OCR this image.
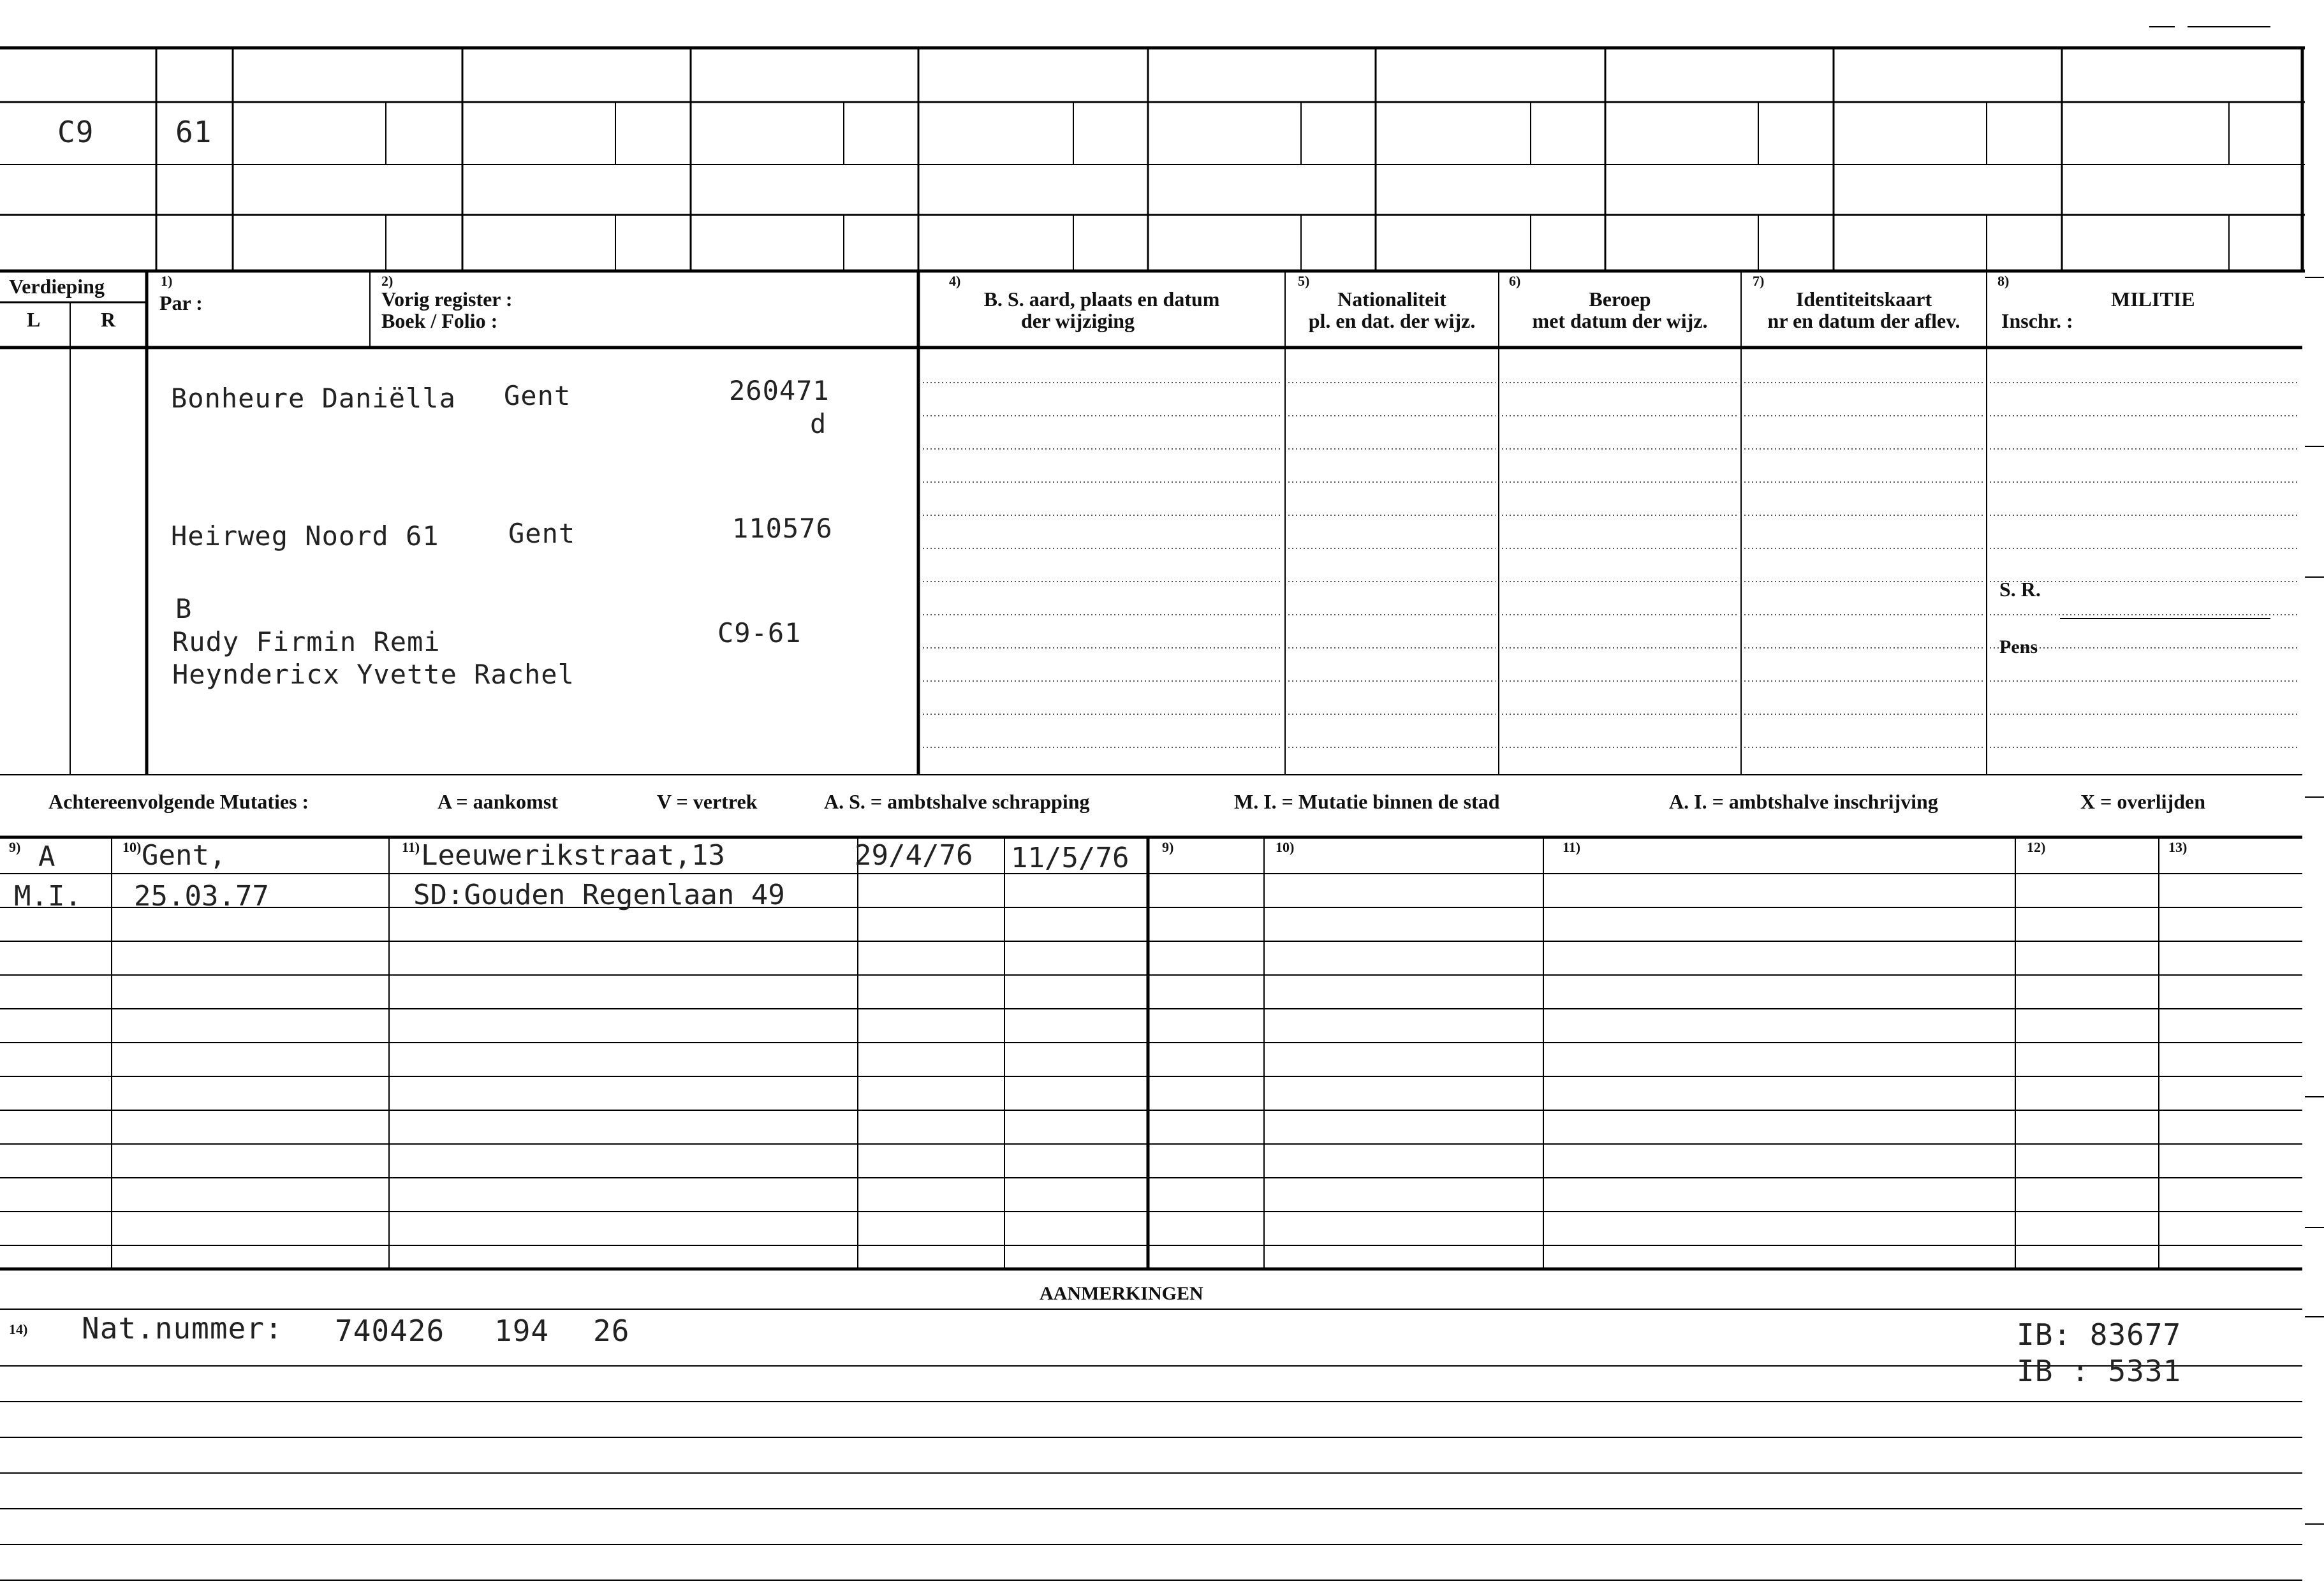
C9	61
Verdieping
L	R
1)
Par :
2)
Vorig register :
Boek / Folio :
4)
B. S. aard, plaats en datum
der wijziging
5)
Nationaliteit
pl. en dat. der wijz.
6)
Beroep
met datum der wijz.
7)
Identiteitskaart
nr en datum der aflev.
8)
MILITIE
Inschr. :
S. R.
Pens
Bonheure Daniëlla Gent	260471
d
Heirweg Noord 61	Gent	110576
B
Rudy Firmin Remi
Heyndericx Yvette Rachel
C9-61
Achtereenvolgende Mutaties :	A = aankomst	V = vertrek	A. S. = ambtshalve schrapping	M. I. = Mutatie binnen de stad	A. I. = ambtshalve inschrijving	X = overlijden
9)	10)	11)	9)	10)	11)	12)	13)
A	Gent,	Leeuwerikstraat,13	29/4/76 11/5/76
M.I. 25.03.77	SD:Gouden Regenlaan 49
AANMERKINGEN
14) Nat.nummer: 740426 194 26	IB: 83677
IB : 5331
